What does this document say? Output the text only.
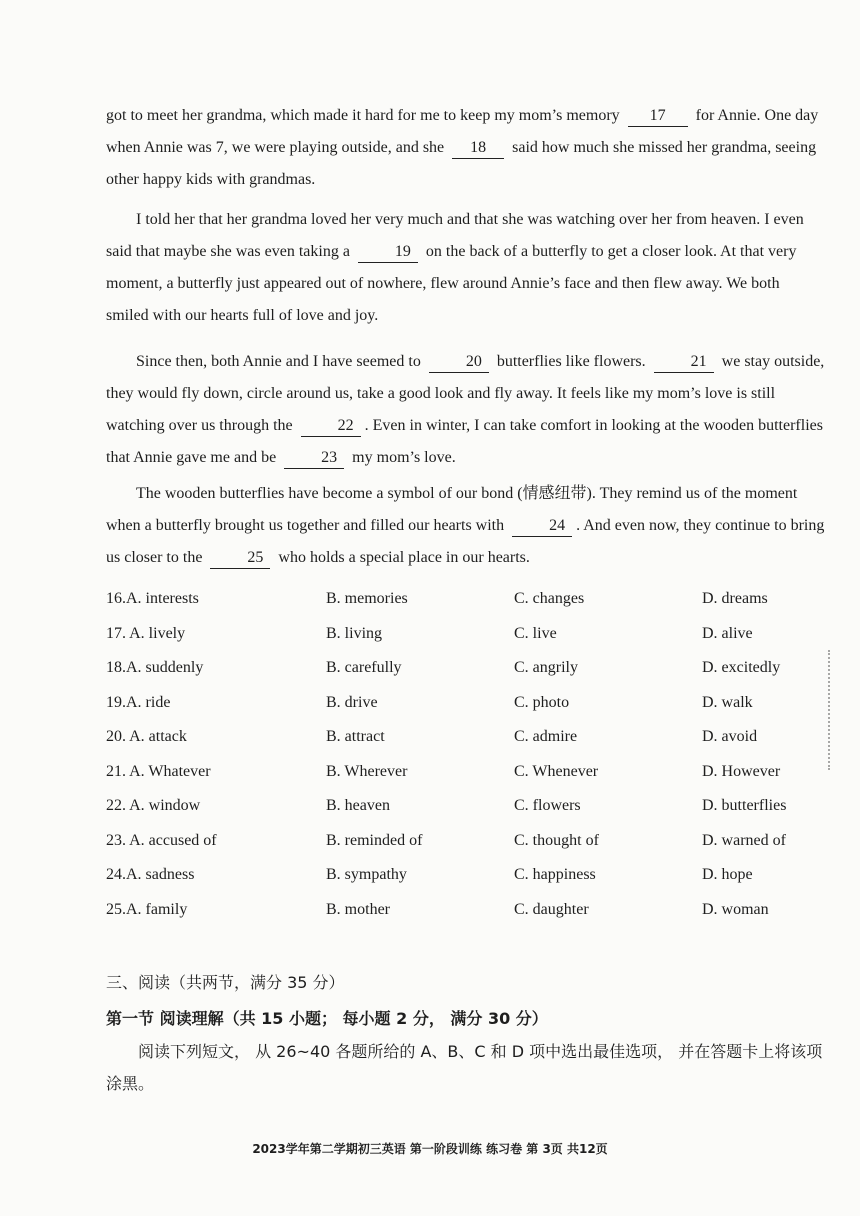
got to meet her grandma, which made it hard for me to keep my mom’s memory 17 for Annie. One day when Annie was 7, we were playing outside, and she 18 said how much she missed her grandma, seeing other happy kids with grandmas.

I told her that her grandma loved her very much and that she was watching over her from heaven. I even said that maybe she was even taking a	19 on the back of a butterfly to get a closer look. At that very moment, a butterfly just appeared out of nowhere, flew around Annie’s face and then flew away. We both smiled with our hearts full of love and joy.

Since then, both Annie and I have seemed to	20 butterflies like flowers.	21 we stay outside, they would fly down, circle around us, take a good look and fly away. It feels like my mom’s love is still watching over us through the	22 . Even in winter, I can take comfort in looking at the wooden butterflies that Annie gave me and be	23 my mom’s love.

The wooden butterflies have become a symbol of our bond (情感纽带). They remind us of the moment when a butterfly brought us together and filled our hearts with	24 . And even now, they continue to bring us closer to the	25 who holds a special place in our hearts.

16.A. interests	B. memories	C. changes	D. dreams
17. A. lively	B. living	C. live	D. alive
18.A. suddenly	B. carefully	C. angrily	D. excitedly
19.A. ride	B. drive	C. photo	D. walk
20. A. attack	B. attract	C. admire	D. avoid
21. A. Whatever	B. Wherever	C. Whenever	D. However
22. A. window	B. heaven	C. flowers	D. butterflies
23. A. accused of	B. reminded of	C. thought of	D. warned of
24.A. sadness	B. sympathy	C. happiness	D. hope
25.A. family	B. mother	C. daughter	D. woman
三、阅读（共两节，满分 35 分）
第一节 阅读理解（共 15 小题； 每小题 2 分， 满分 30 分）
阅读下列短文， 从 26~40 各题所给的 A、B、C 和 D 项中选出最佳选项， 并在答题卡上将该项涂黑。
2023学年第二学期初三英语 第一阶段训练 练习卷 第 3页 共12页
